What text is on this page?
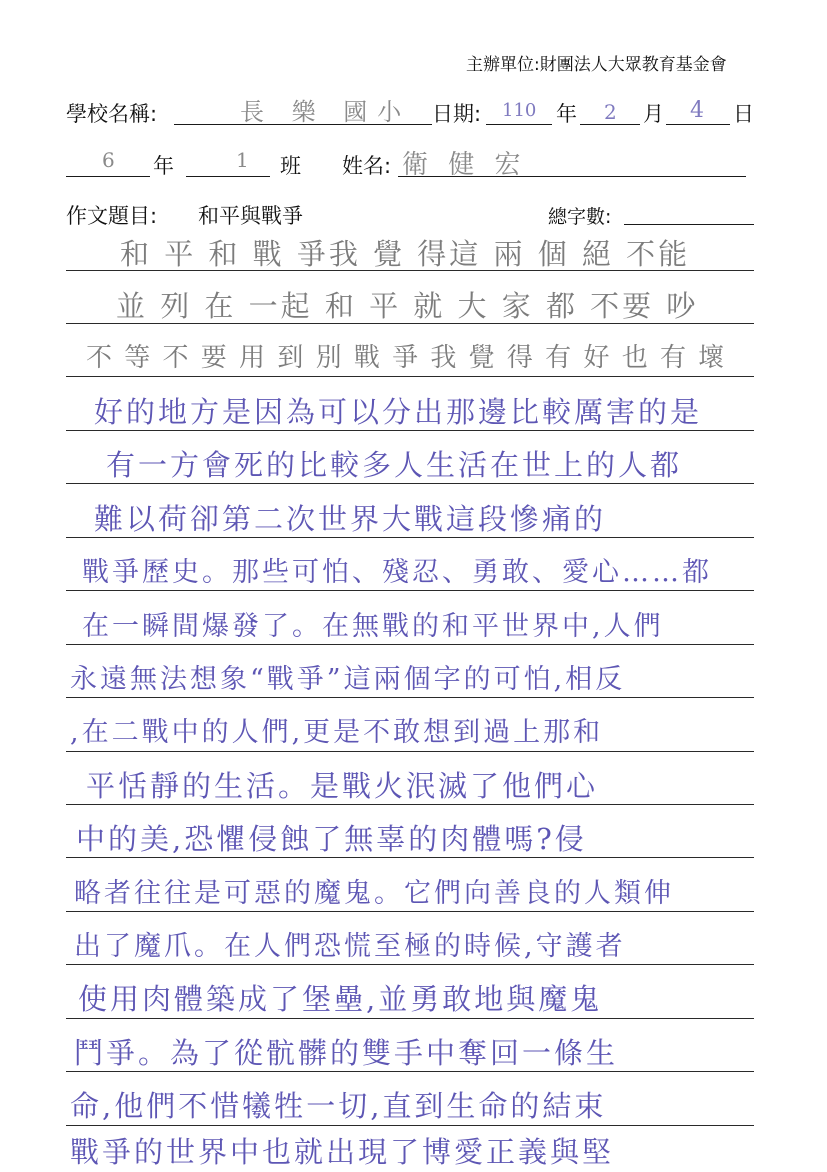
主辦單位:財團法人大眾教育基金會
學校名稱:	長 樂 國小 日期: 110 年 2 月 4 日
6 年	1 班 姓名: 衛 健 宏
作文題目: 和平與戰爭	總字數:
和 平 和 戰 爭我 覺 得這 兩 個 絕 不能
並 列 在 一起 和 平 就 大 家 都 不要 吵
不 等 不 要 用 到 別 戰 爭 我 覺 得 有 好 也 有 壞
好的地方是因為可以分出那邊比較厲害的是
有一方會死的比較多人生活在世上的人都
難以荷卻第二次世界大戰這段慘痛的
戰爭歷史。那些可怕、殘忍、勇敢、愛心……都
在一瞬間爆發了。在無戰的和平世界中,人們
永遠無法想象“戰爭”這兩個字的可怕,相反
,在二戰中的人們,更是不敢想到過上那和
平恬靜的生活。是戰火泯滅了他們心
中的美,恐懼侵蝕了無辜的肉體嗎?侵
略者往往是可惡的魔鬼。它們向善良的人類伸
出了魔爪。在人們恐慌至極的時候,守護者
使用肉體築成了堡壘,並勇敢地與魔鬼
鬥爭。為了從骯髒的雙手中奪回一條生
命,他們不惜犧牲一切,直到生命的結束
戰爭的世界中也就出現了博愛正義與堅
